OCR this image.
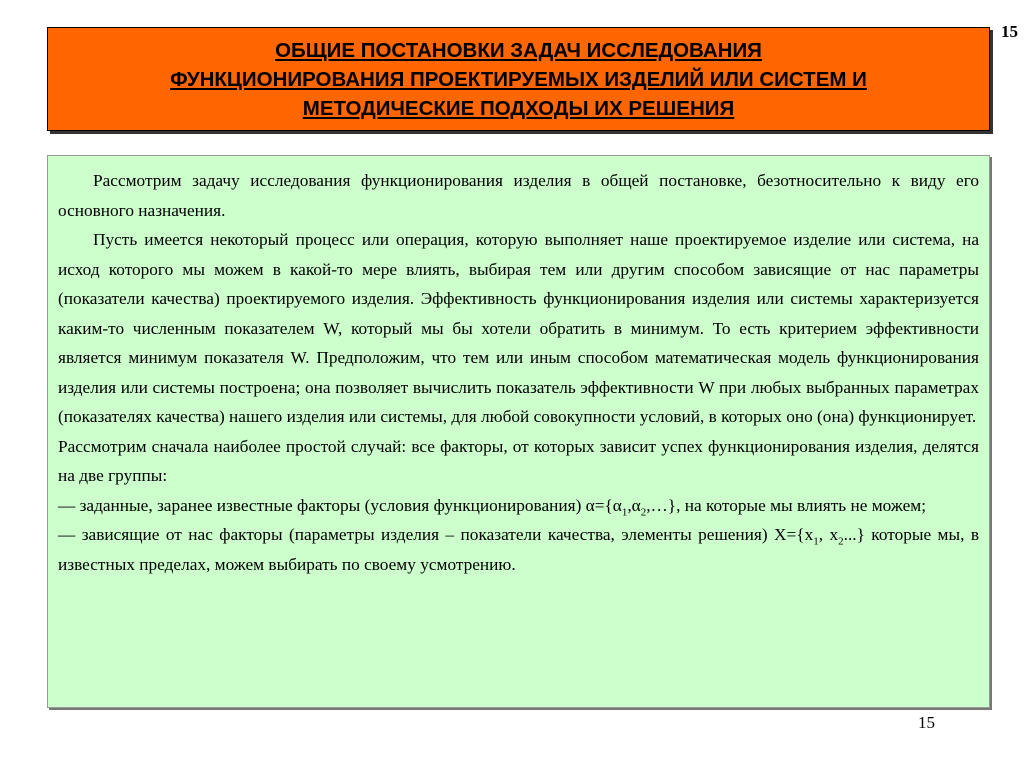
15
ОБЩИЕ ПОСТАНОВКИ ЗАДАЧ ИССЛЕДОВАНИЯ
ФУНКЦИОНИРОВАНИЯ ПРОЕКТИРУЕМЫХ ИЗДЕЛИЙ ИЛИ СИСТЕМ И
МЕТОДИЧЕСКИЕ ПОДХОДЫ ИХ РЕШЕНИЯ

Рассмотрим задачу исследования функционирования изделия в общей постановке, безотносительно к виду его основного назначения.

Пусть имеется некоторый процесс или операция, которую выполняет наше проектируемое изделие или система, на исход которого мы можем в какой-то мере влиять, выбирая тем или другим способом зависящие от нас параметры (показатели качества) проектируемого изделия. Эффективность функционирования изделия или системы характеризуется каким-то численным показателем W, который мы бы хотели обратить в минимум. То есть критерием эффективности является минимум показателя W. Предположим, что тем или иным способом математическая модель функционирования изделия или системы построена; она позволяет вычислить показатель эффективности W при любых выбранных параметрах (показателях качества) нашего изделия или системы, для любой совокупности условий, в которых оно (она) функционирует.

Рассмотрим сначала наиболее простой случай: все факторы, от которых зависит успех функционирования изделия, делятся на две группы:

— заданные, заранее известные факторы (условия функционирования) $\alpha=\{\alpha_1,\alpha_2,\dots\}$, на которые мы влиять не можем;

— зависящие от нас факторы (параметры изделия – показатели качества, элементы решения) $X=\{x_1$, $x_2$...} которые мы, в известных пределах, можем выбирать по своему усмотрению.

15
